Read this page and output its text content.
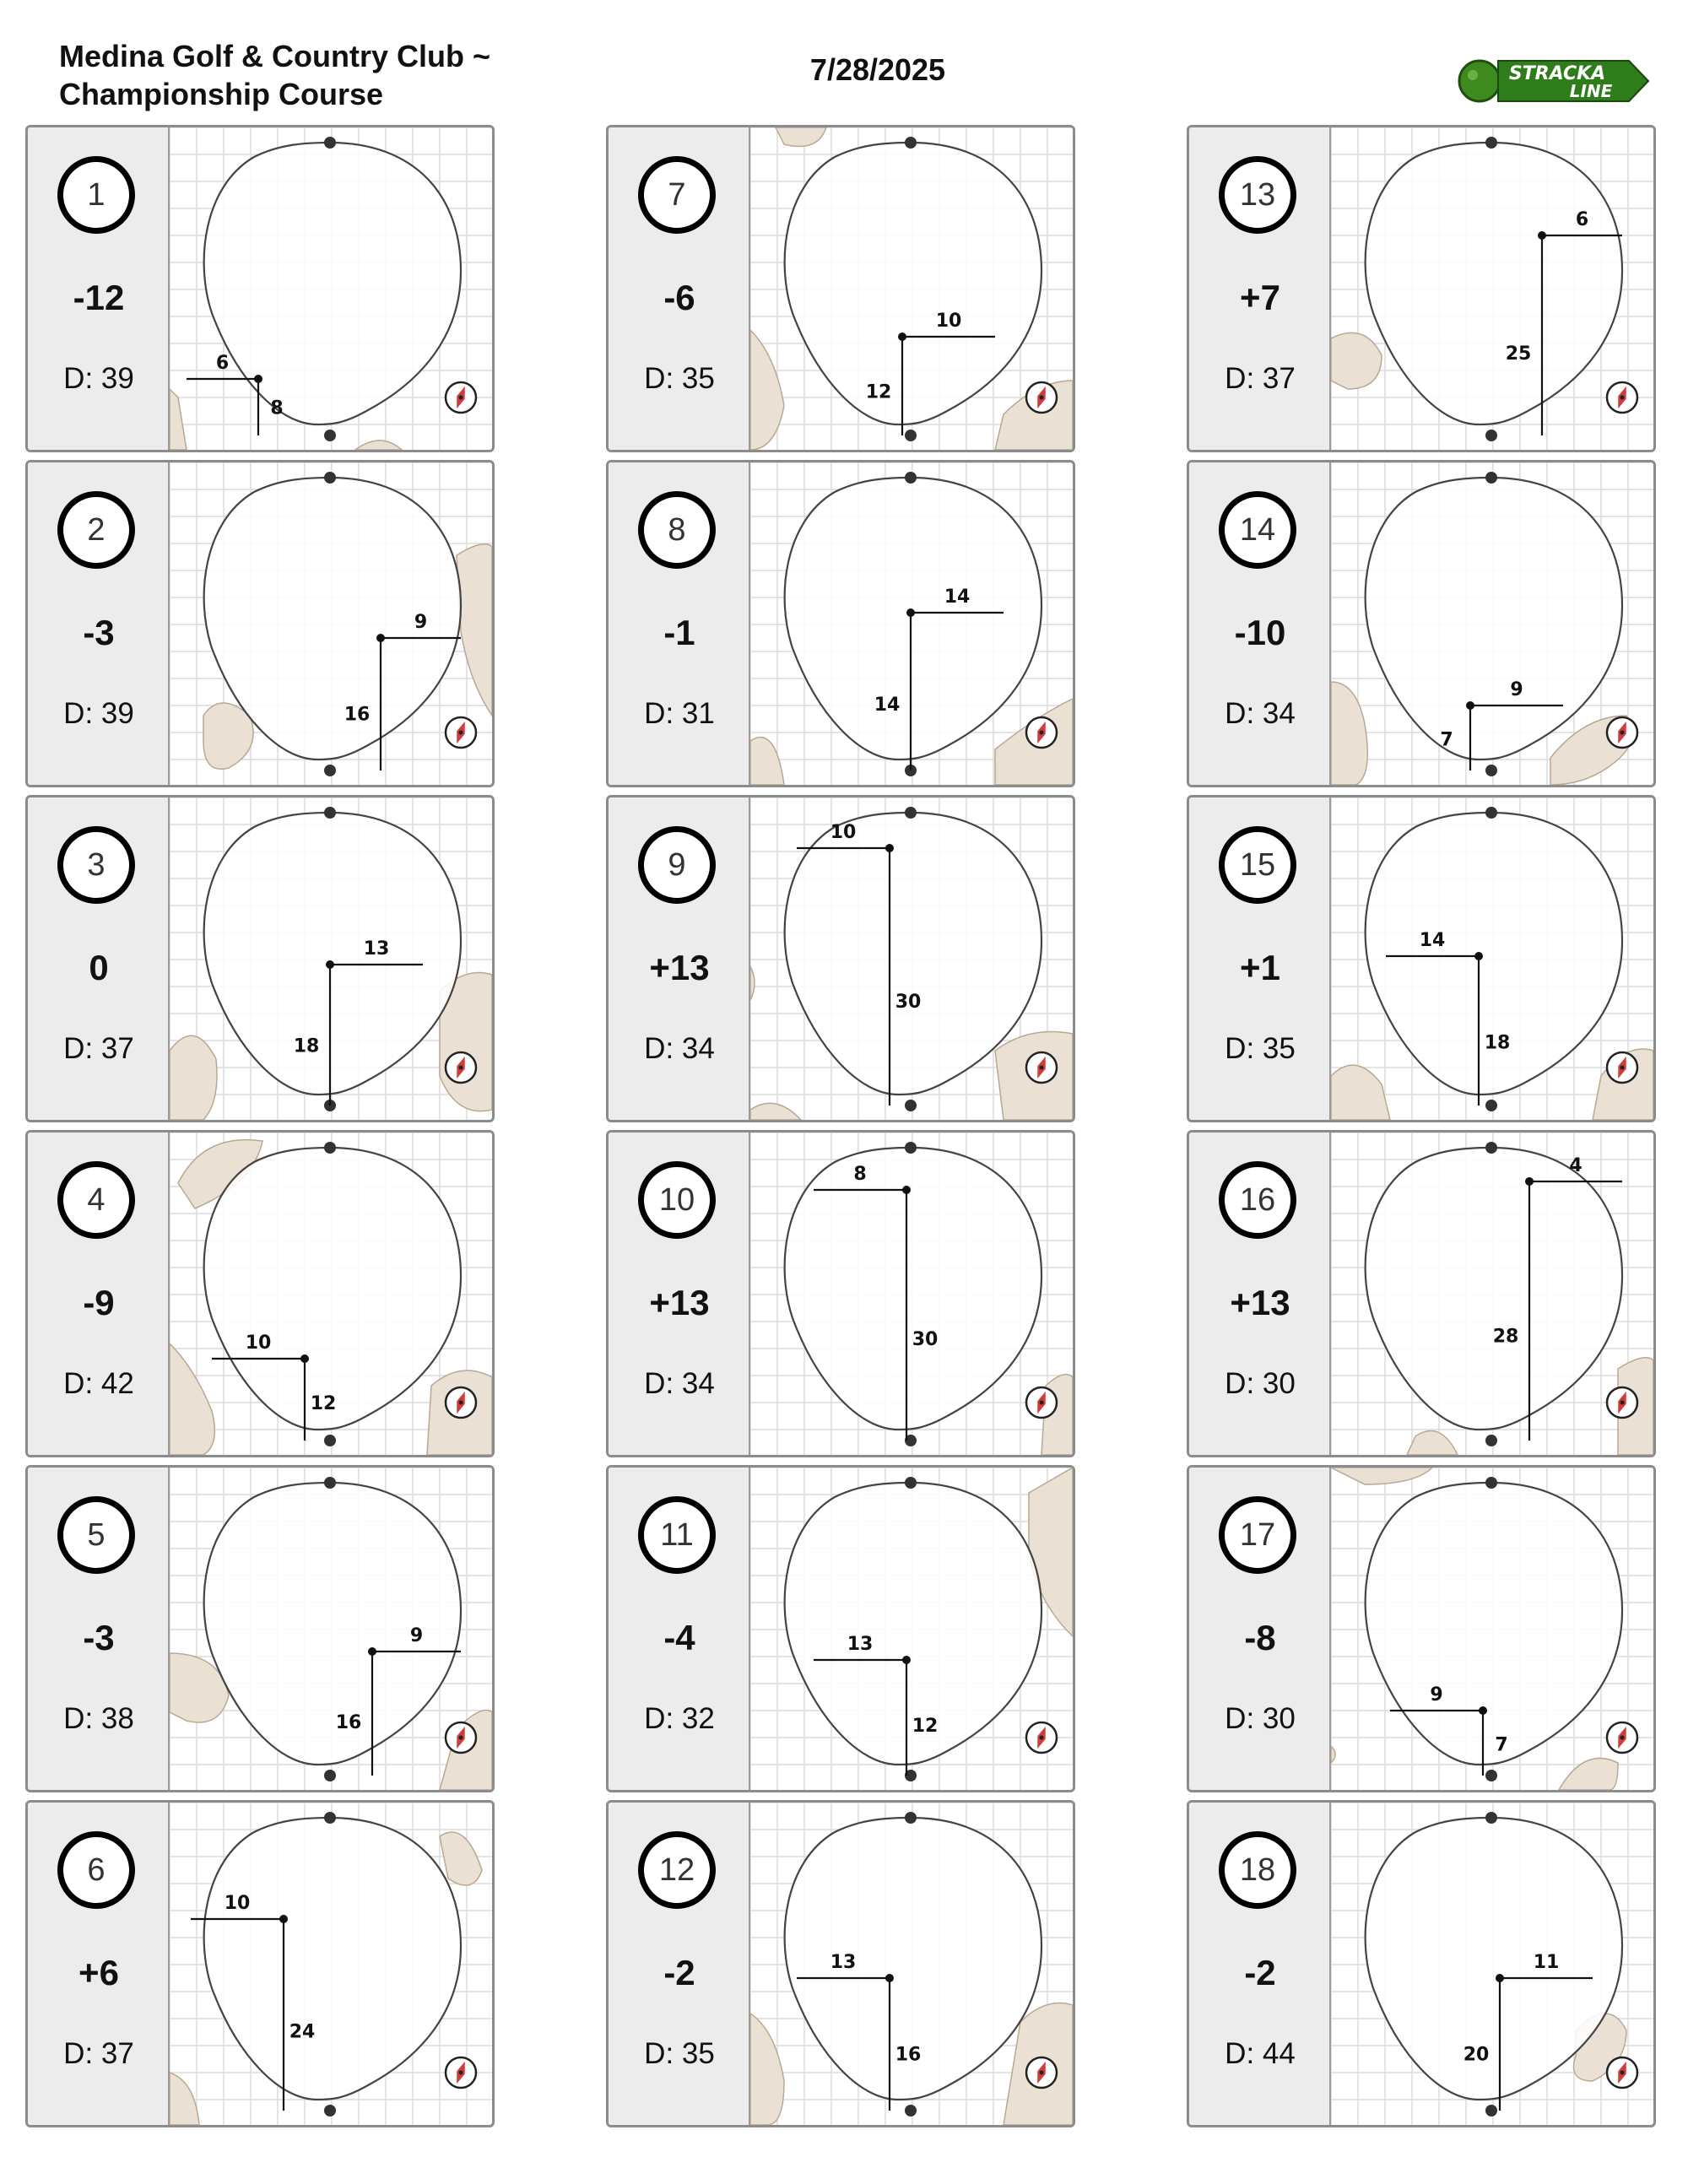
Medina Golf & Country Club ~ Championship Course
7/28/2025	STRACKA
LINE
1
-12
D: 39	6
8
2
-3
D: 39
9
16
3
0
D: 37
13
18
4
-9
D: 42
10
12
5
-3
D: 38
9
16
6
+6
D: 37
10
24
7
-6
D: 35
10
12
8
-1
D: 31
14
14
9
+13
D: 34
10
30
10
+13
D: 34
8
30
11
-4
D: 32
13
12
12
-2
D: 35
13
16
13
+7
D: 37
6
25
14
-10
D: 34
9
7
15
+1
D: 35
14
18
16
+13
D: 30
4
28
17
-8
D: 30
9
7
18
-2
D: 44
11
20
